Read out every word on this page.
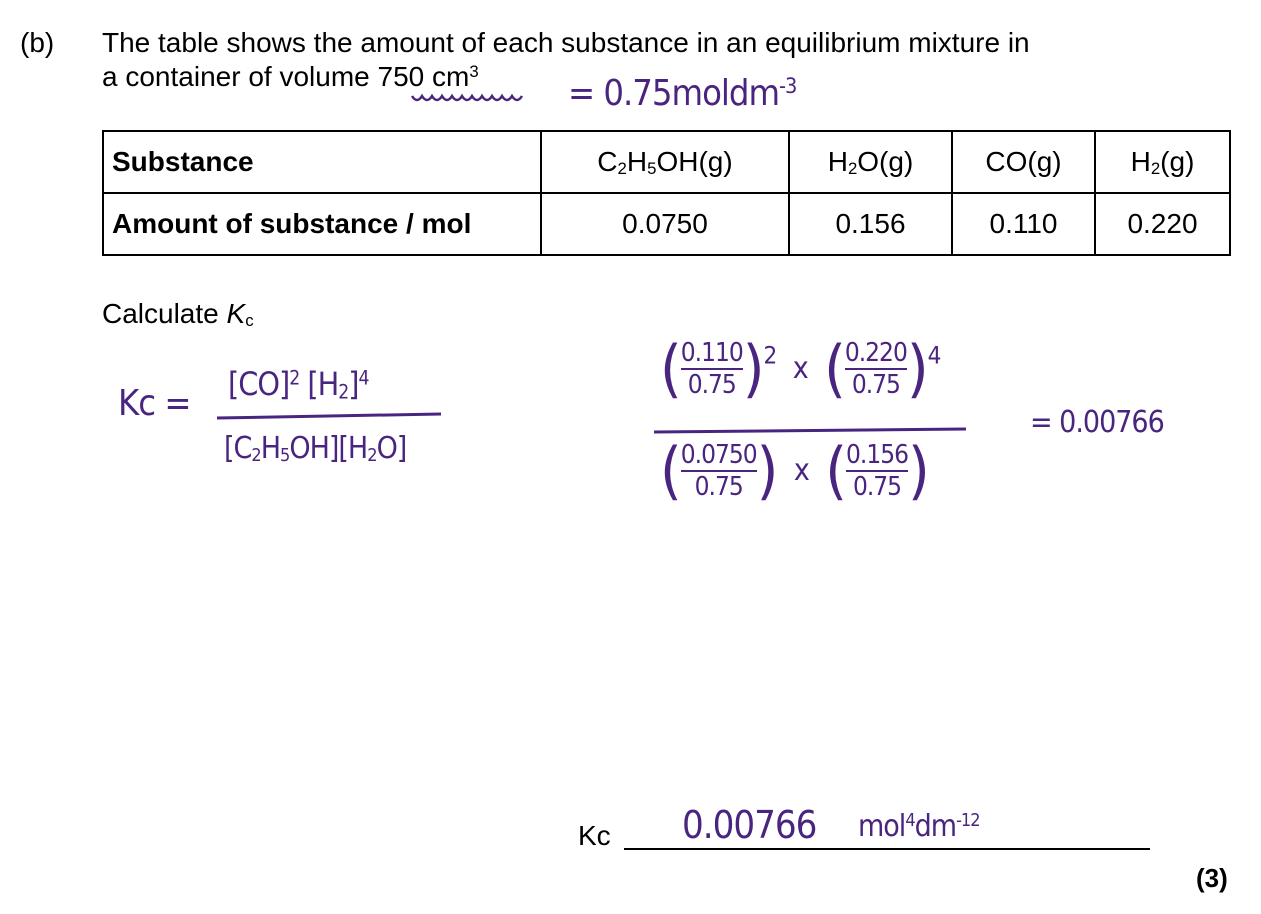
(b) The table shows the amount of each substance in an equilibrium mixture in
a container of volume 750 $cm^3$
= 0.75moldm$^{-3}$
Substance	$C_2H_5OH(g)$	$H_2O(g)$	CO(g)	$H_2(g)$
Amount of substance / mol	0.0750	0.156	0.110	0.220
Calculate $K_c$
Kc = [CO]$^2$ $[H_2]^4$
$[C_2H_5OH][H_2O]$
( $\frac{0.110}{0.75} )^2$ x ( $\frac{0.220}{0.75} )^4$
( $\frac{0.0750}{0.75}$ ) x ( $\frac{0.156}{0.75}$ )
= 0.00766
Kc 0.00766 $mol^4dm^{-12}$
(3)
